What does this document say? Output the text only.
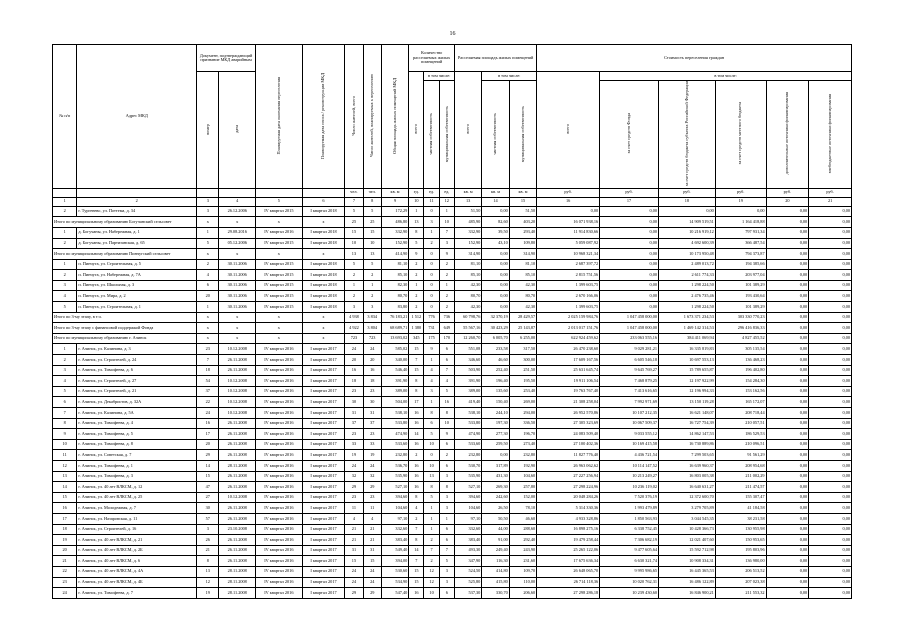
16
№ п/п	Адрес МКД	Документ, подтверждающий признание МКД аварийным		Планируемая дата окончания переселения	Планируемая дата сноса / реконструкции МКД	Число жителей, всего	Число жителей, планируемых к переселению	Общая площадь жилых помещений МКД	Количество расселяемых жилых помещений			Расселяемая площадь жилых помещений			Стоимость переселения граждан					
		номер	дата						всего	в том числе:		всего	в том числе:		всего	в том числе:				
										частная собственность	муниципальная собственность		частная собственность	муниципальная собственность		за счет средств Фонда	за счет средств бюджета субъекта Российской Федерации	за счет средств местного бюджета	дополнительные источники финансирования	внебюджетные источники финансирования
						чел.	чел.	кв. м	ед.	ед.	ед.	кв. м	кв. м	кв. м	руб.	руб.	руб.	руб.	руб.	руб.
1	2	3	4	5	6	7	8	9	10	11	12	13	14	15	16	17	18	19	20	21
2	г. Тургенево, ул. Поттема, д. 34	3	26.12.2006	IV квартал 2015	I квартал 2018	5	5	172,29	1	0	1	51,50	0,00	51,50	0,00	0,00	0,00	0,00	0,00	0,00
Итого по муниципальному образованию Богучанский сельсовет		x	x	x	x	25	25	486,80	13	3	10	485,90	82,60	403,20	16 071 938,16	0,00	14 909 519,51	1 164 418,88	0,00	0,00
1	д. Богучаны, ул. Набережная, д. 1	1	29.08.2016	IV квартал 2016	I квартал 2018	15	15	332,90	8	1	7	332,90	39,50	293,40	11 914 830,66	0,00	10 216 919,12	797 931,34	0,00	0,00
2	д. Богучаны, ул. Партизанская, д. 65	5	05.12.2006	IV квартал 2015	I квартал 2018	10	10	152,90	5	2	3	152,90	43,10	109,80	5 059 087,92	0,00	4 692 600,39	366 487,54	0,00	0,00
Итого по муниципальному образованию Пинчугский сельсовет		x	x	x	x	13	13	414,90	9	0	9	314,90	0,00	314,90	10 968 321,34	0,00	10 173 950,48	794 373,87	0,00	0,00
1	п. Пинчуга, ул. Строительная, д. 5	2	30.11.2006	IV квартал 2015	I квартал 2018	5	5	81,10	2	0	2	81,10	0,00	81,10	2 687 397,72	0,00	2 489 013,72	194 385,66	0,00	0,00
2	п. Пинчуга, ул. Набережная, д. 7А	4	30.11.2006	IV квартал 2015	I квартал 2018	2	2	85,10	2	0	2	85,10	0,00	85,10	2 815 751,56	0,00	2 611 774,33	203 977,04	0,00	0,00
3	п. Пинчуга, ул. Школьная, д. 3	6	30.11.2006	IV квартал 2015	I квартал 2018	1	1	82,30	1	0	1	42,30	0,00	42,30	1 399 603,75	0,00	1 298 224,50	101 389,29	0,00	0,00
4	п. Пинчуга, ул. Мира, д. 2	20	30.11.2006	IV квартал 2015	I квартал 2018	2	2	80,70	2	0	2	80,70	0,00	80,70	2 670 166,06	0,00	2 476 735,46	193 430,64	0,00	0,00
5	п. Пинчуга, ул. Строительная, д. 1	1	30.11.2006	IV квартал 2015	I квартал 2018	3	3	83,80	2	0	2	42,30	0,00	42,30	1 399 603,75	0,00	1 298 224,50	101 389,29	0,00	0,00
Итого по 3-му этапу, в т.ч.		x	x	x	x	4 938	3 834	76 183,21	1 512	776	736	60 798,76	32 370,19	28 429,57	2 025 159 984,76	1 047 458 000,00	1 673 371 234,53	303 330 770,23	0,00	0,00
Итого по 3-му этапу с финансовой поддержкой Фонда		x	x	x	x	4 922	3 804	68 689,71	1 380	731	649	55 567,16	30 423,29	25 143,87	2 013 017 151,76	1 047 458 000,00	1 469 142 314,53	296 416 836,33	0,00	0,00
Итого по муниципальному образованию г. Ачинск		x	x	x	x	723	723	13 693,02	345	175	170	12 260,70	6 005,70	6 255,00	622 924 459,62	233 063 555,16	384 411 069,94	4 827 455,52	0,00	0,00
1	г. Ачинск, ул. Калинина, д. 3	23	10.12.2008	IV квартал 2016	I квартал 2017	24	24	585,02	15	9	6	551,08	233,58	317,50	26 470 238,60	9 029 281,21	16 335 819,83	305 135,54	0,00	0,00
2	г. Ачинск, ул. Строителей, д. 24	7	26.11.2008	IV квартал 2016	I квартал 2017	20	20	340,00	7	1	6	346,60	46,60	300,00	17 609 167,56	6 605 546,18	10 697 553,13	136 468,23	0,00	0,00
3	г. Ачинск, ул. Тимофеева, д. 6	18	26.11.2008	IV квартал 2016	I квартал 2017	16	16	546,40	15	4	7	503,90	252,40	251,50	25 631 645,74	9 645 769,27	15 789 655,87	196 402,80	0,00	0,00
4	г. Ачинск, ул. Строителей, д. 27	54	10.12.2008	IV квартал 2016	I квартал 2017	18	18	391,90	8	4	4	391,90	196,40	195,50	19 911 106,54	7 468 879,25	12 197 922,99	154 284,30	0,00	0,00
5	г. Ачинск, ул. Строителей, д. 21	37	10.12.2008	IV квартал 2016	I квартал 2017	23	23	389,00	8	3	5	389,00	135,60	253,40	19 763 767,40	7 413 616,65	12 196 994,33	153 162,56	0,00	0,00
6	г. Ачинск, ул. Декабристов, д. 32А	22	10.12.2008	IV квартал 2016	I квартал 2017	30	30	504,00	17	1	16	419,40	150,40	269,00	21 308 258,04	7 992 971,69	13 150 119,28	165 172,07	0,00	0,00
7	г. Ачинск, ул. Калинина, д. 5А	24	10.12.2008	IV квартал 2016	I квартал 2017	31	31	538,10	16	8	8	538,10	244,10	294,00	26 952 570,86	10 107 212,35	16 621 148,07	208 718,44	0,00	0,00
8	г. Ачинск, ул. Тимофеева, д. 4	16	26.11.2008	IV квартал 2016	I квартал 2017	37	37	533,80	16	6	10	533,80	197,30	336,50	27 305 323,69	10 067 509,37	16 727 754,39	210 057,51	0,00	0,00
9	г. Ачинск, ул. Тимофеева, д. 5	17	26.11.2008	IV квартал 2016	I квартал 2017	23	23	474,90	14	5	9	474,90	277,30	196,70	24 083 509,40	9 033 555,12	14 862 147,53	186 529,53	0,00	0,00
10	г. Ачинск, ул. Тимофеева, д. 8	20	26.11.2008	IV квартал 2016	I квартал 2017	33	33	533,60	16	10	6	533,60	259,50	273,40	27 100 402,36	10 169 415,58	16 730 889,86	210 096,51	0,00	0,00
11	г. Ачинск, ул. Советская, д. 7	29	26.11.2008	IV квартал 2016	I квартал 2017	19	19	232,80	2	0	2	232,80	0,00	232,80	11 827 776,40	4 436 721,54	7 299 503,65	91 561,29	0,00	0,00
12	г. Ачинск, ул. Тимофеева, д. 1	14	28.11.2008	IV квартал 2016	I квартал 2017	24	24	536,70	16	10	6	530,70	317,89	192,90	26 963 062,62	10 114 147,52	16 639 960,37	208 954,68	0,00	0,00
13	г. Ачинск, ул. Тимофеева, д. 3	15	26.11.2008	IV квартал 2016	I квартал 2017	32	32	535,90	16	13	3	535,90	431,30	104,60	27 227 256,94	10 213 249,27	16 803 005,38	211 002,29	0,00	0,00
14	г. Ачинск, ул. 40 лет ВЛКСМ, д. 12	47	26.11.2008	IV квартал 2016	I квартал 2017	29	29	527,10	16	8	8	527,10	269,30	257,80	27 298 224,96	10 236 119,02	16 640 631,27	211 474,57	0,00	0,00
15	г. Ачинск, ул. 40 лет ВЛКСМ, д. 25	27	10.12.2008	IV квартал 2016	I квартал 2017	23	23	394,60	8	5	3	394,60	242,60	152,00	20 048 284,26	7 520 376,19	12 372 600,70	155 307,47	0,00	0,00
16	г. Ачинск, ул. Молодежная, д. 7	30	26.11.2008	IV квартал 2016	I квартал 2017	11	11	104,60	4	1	3	104,60	26,50	78,10	5 314 330,36	1 993 479,89	3 279 705,89	41 184,58	0,00	0,00
17	г. Ачинск, ул. Назаровская, д. 11	57	26.11.2008	IV квартал 2016	I квартал 2017	4	4	97,10	2	1	1	97,10	50,50	46,60	4 933 328,86	1 850 563,93	3 044 545,35	38 231,58	0,00	0,00
18	г. Ачинск, ул. Строителей, д. 16	3	23.10.2008	IV квартал 2016	I квартал 2017	21	21	332,60	7	1	6	332,60	44,00	288,60	16 898 275,16	6 338 752,45	10 428 366,73	130 955,98	0,00	0,00
19	г. Ачинск, ул. 40 лет ВЛКСМ, д. 21	26	26.11.2008	IV квартал 2016	I квартал 2017	21	21	383,40	8	2	6	383,40	91,00	292,40	19 479 258,44	7 306 682,19	12 021 407,60	150 953,65	0,00	0,00
20	г. Ачинск, ул. 40 лет ВЛКСМ, д. 2Б	21	26.11.2008	IV квартал 2016	I квартал 2017	31	31	549,40	14	7	7	493,30	249,40	243,90	25 265 122,06	9 477 605,64	15 592 712,98	195 803,96	0,00	0,00
21	г. Ачинск, ул. 40 лет ВЛКСМ, д. 6	8	26.11.2008	IV квартал 2016	I квартал 2017	15	15	394,00	7	2	5	347,90	116,30	231,60	17 675 636,34	6 630 321,74	10 908 334,31	136 980,00	0,00	0,00
22	г. Ачинск, ул. 40 лет ВЛКСМ, д. 4А	13	28.11.2008	IV квартал 2016	I квартал 2017	24	24	530,60	15	12	3	524,50	414,80	109,70	26 648 065,70	9 995 986,65	16 445 365,53	206 513,52	0,00	0,00
23	г. Ачинск, ул. 40 лет ВЛКСМ, д. 4Б	12	28.11.2008	IV квартал 2016	I квартал 2017	24	24	534,90	15	12	3	525,80	415,80	110,00	26 714 118,36	10 020 762,31	16 486 122,89	207 023,38	0,00	0,00
24	г. Ачинск, ул. Тимофеева, д. 7	19	28.11.2008	IV квартал 2016	I квартал 2017	29	29	547,40	16	10	6	537,30	330,70	206,60	27 298 286,18	10 239 430,60	16 846 900,21	211 553,32	0,00	0,00
